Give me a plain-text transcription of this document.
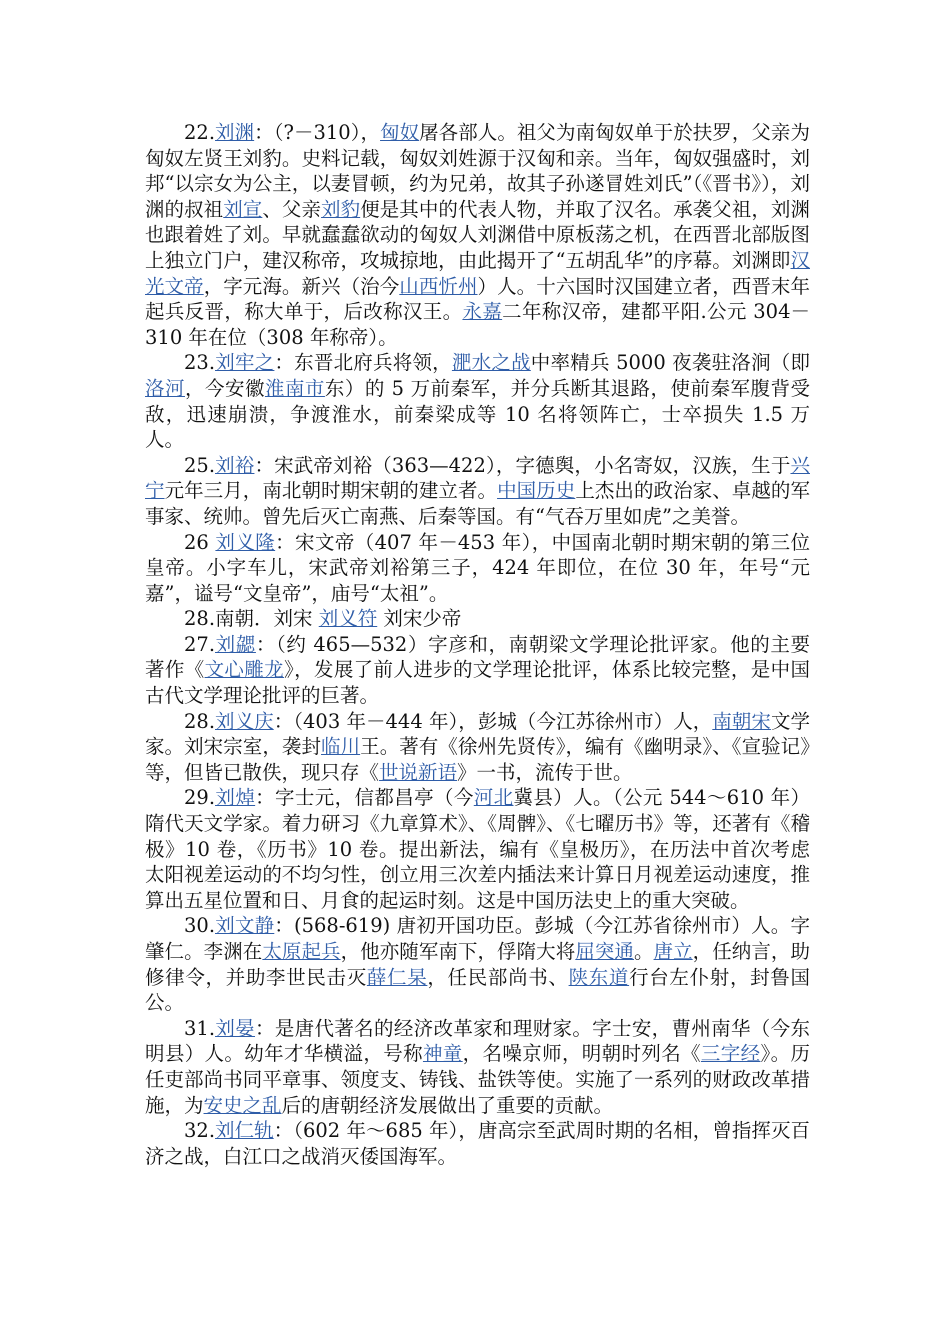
22.刘渊：（?－310），匈奴屠各部人。祖父为南匈奴单于於扶罗，父亲为匈奴左贤王刘豹。史料记载，匈奴刘姓源于汉匈和亲。当年，匈奴强盛时，刘邦“以宗女为公主，以妻冒顿，约为兄弟，故其子孙遂冒姓刘氏”（《晋书》），刘渊的叔祖刘宣、父亲刘豹便是其中的代表人物，并取了汉名。承袭父祖，刘渊也跟着姓了刘。早就蠢蠢欲动的匈奴人刘渊借中原板荡之机，在西晋北部版图上独立门户，建汉称帝，攻城掠地，由此揭开了“五胡乱华”的序幕。刘渊即汉光文帝，字元海。新兴（治今山西忻州）人。十六国时汉国建立者，西晋末年起兵反晋，称大单于，后改称汉王。永嘉二年称汉帝，建都平阳.公元 304－310 年在位（308 年称帝）。

23.刘牢之：东晋北府兵将领，淝水之战中率精兵 5000 夜袭驻洛涧（即洛河，今安徽淮南市东）的 5 万前秦军，并分兵断其退路，使前秦军腹背受敌，迅速崩溃，争渡淮水，前秦梁成等 10 名将领阵亡，士卒损失 1.5 万人。

25.刘裕：宋武帝刘裕（363—422），字德舆，小名寄奴，汉族，生于兴宁元年三月，南北朝时期宋朝的建立者。中国历史上杰出的政治家、卓越的军事家、统帅。曾先后灭亡南燕、后秦等国。有“气吞万里如虎”之美誉。

26 刘义隆：宋文帝（407 年－453 年），中国南北朝时期宋朝的第三位皇帝。小字车儿，宋武帝刘裕第三子，424 年即位，在位 30 年，年号“元嘉”，谥号“文皇帝”，庙号“太祖”。

28.南朝．刘宋 刘义符 刘宋少帝

27.刘勰：（约 465—532）字彦和，南朝梁文学理论批评家。他的主要著作《文心雕龙》，发展了前人进步的文学理论批评，体系比较完整，是中国古代文学理论批评的巨著。

28.刘义庆：（403 年－444 年），彭城（今江苏徐州市）人，南朝宋文学家。刘宋宗室，袭封临川王。著有《徐州先贤传》，编有《幽明录》、《宣验记》等，但皆已散佚，现只存《世说新语》一书，流传于世。

29.刘焯：字士元，信都昌亭（今河北冀县）人。（公元 544～610 年）隋代天文学家。着力研习《九章算术》、《周髀》、《七曜历书》等，还著有《稽极》10 卷，《历书》10 卷。提出新法，编有《皇极历》，在历法中首次考虑太阳视差运动的不均匀性，创立用三次差内插法来计算日月视差运动速度，推算出五星位置和日、月食的起运时刻。这是中国历法史上的重大突破。

30.刘文静：(568-619) 唐初开国功臣。彭城（今江苏省徐州市）人。字肇仁。李渊在太原起兵，他亦随军南下，俘隋大将屈突通。唐立，任纳言，助修律令，并助李世民击灭薛仁杲，任民部尚书、陕东道行台左仆射，封鲁国公。

31.刘晏：是唐代著名的经济改革家和理财家。字士安，曹州南华（今东明县）人。幼年才华横溢，号称神童，名噪京师，明朝时列名《三字经》。历任吏部尚书同平章事、领度支、铸钱、盐铁等使。实施了一系列的财政改革措施，为安史之乱后的唐朝经济发展做出了重要的贡献。

32.刘仁轨：（602 年～685 年），唐高宗至武周时期的名相，曾指挥灭百济之战，白江口之战消灭倭国海军。
